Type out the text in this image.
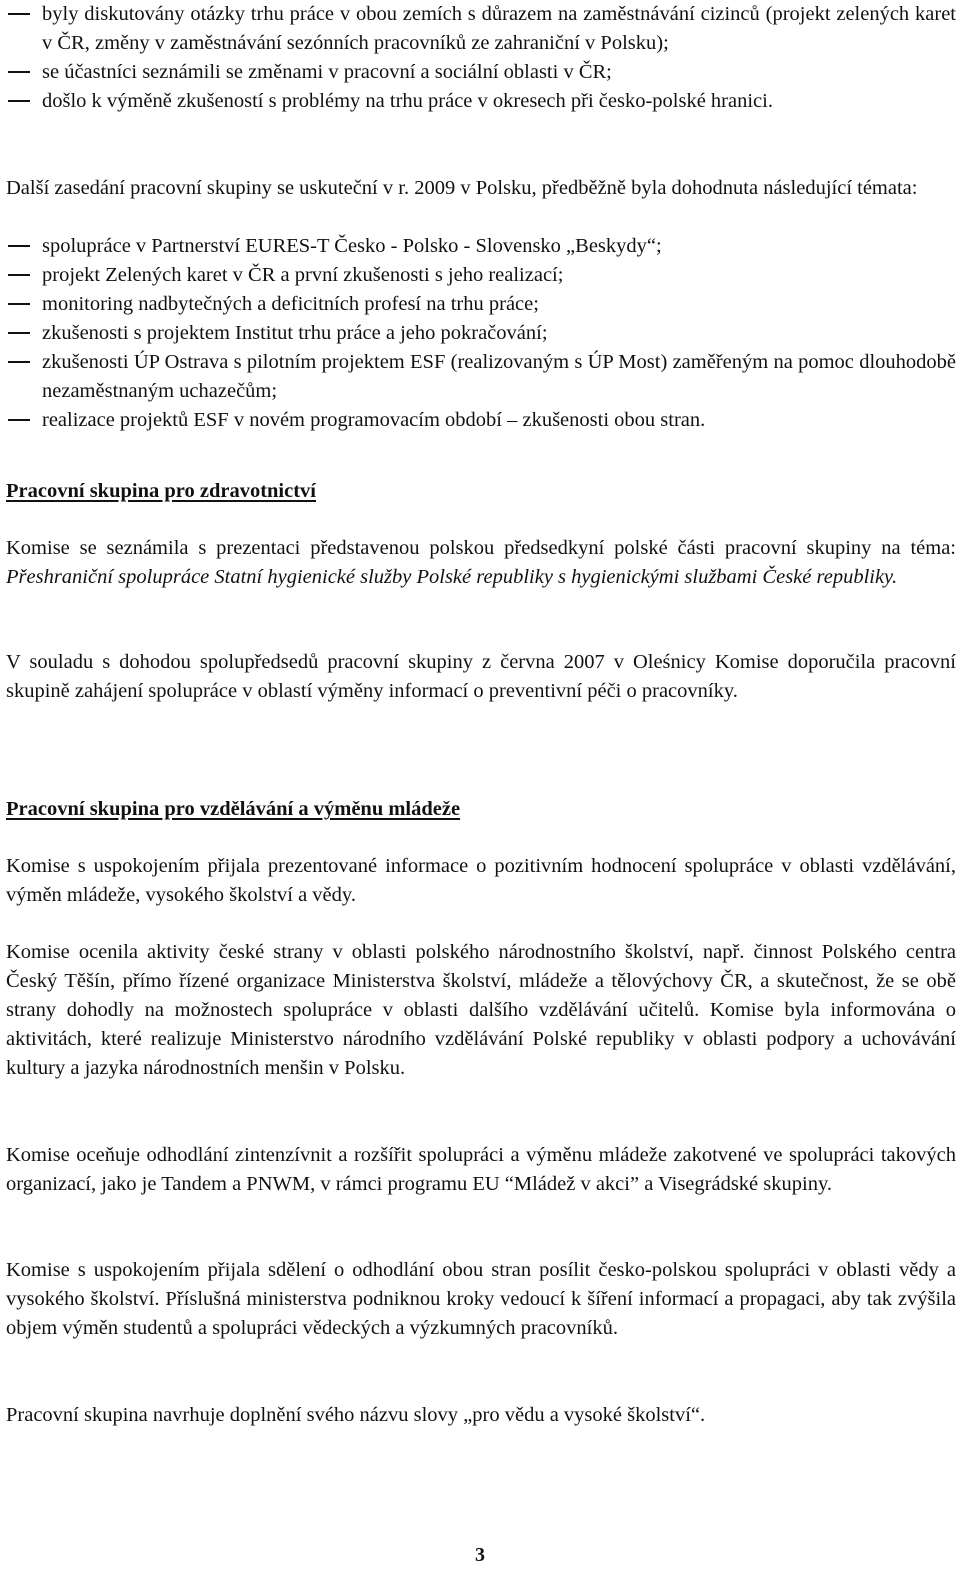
byly diskutovány otázky trhu práce v obou zemích s důrazem na zaměstnávání cizinců (projekt zelených karet v ČR, změny v zaměstnávání sezónních pracovníků ze zahraniční v Polsku);
se účastníci seznámili se změnami v pracovní a sociální oblasti v ČR;
došlo k výměně zkušeností s problémy na trhu práce v okresech při česko-polské hranici.
Další zasedání pracovní skupiny se uskuteční v r. 2009 v Polsku, předběžně byla dohodnuta následující témata:
spolupráce v Partnerství EURES-T Česko - Polsko - Slovensko „Beskydy“;
projekt Zelených karet v ČR a první zkušenosti s jeho realizací;
monitoring nadbytečných a deficitních profesí na trhu práce;
zkušenosti s projektem Institut trhu práce a jeho pokračování;
zkušenosti ÚP Ostrava s pilotním projektem ESF (realizovaným s ÚP Most) zaměřeným na pomoc dlouhodobě nezaměstnaným uchazečům;
realizace projektů ESF v novém programovacím období – zkušenosti obou stran.
Pracovní skupina pro zdravotnictví
Komise se seznámila s prezentaci představenou polskou předsedkyní polské části pracovní skupiny na téma: Přeshraniční spolupráce Statní hygienické služby Polské republiky s hygienickými službami České republiky.
V souladu s dohodou spolupředsedů pracovní skupiny z června 2007 v Oleśnicy Komise doporučila pracovní skupině zahájení spolupráce v oblastí výměny informací o preventivní péči o pracovníky.
Pracovní skupina pro vzdělávání a výměnu mládeže
Komise s uspokojením přijala prezentované informace o pozitivním hodnocení spolupráce v oblasti vzdělávání, výměn mládeže, vysokého školství a vědy.
Komise ocenila aktivity české strany v oblasti polského národnostního školství, např. činnost Polského centra Český Těšín, přímo řízené organizace Ministerstva školství, mládeže a tělovýchovy ČR, a skutečnost, že se obě strany dohodly na možnostech spolupráce v oblasti dalšího vzdělávání učitelů. Komise byla informována o aktivitách, které realizuje Ministerstvo národního vzdělávání Polské republiky v oblasti podpory a uchovávání kultury a jazyka národnostních menšin v Polsku.
Komise oceňuje odhodlání zintenzívnit a rozšířit spolupráci a výměnu mládeže zakotvené ve spolupráci takových organizací, jako je Tandem a PNWM, v rámci programu EU “Mládež v akci” a Visegrádské skupiny.
Komise s uspokojením přijala sdělení o odhodlání obou stran posílit česko-polskou spolupráci v oblasti vědy a vysokého školství. Příslušná ministerstva podniknou kroky vedoucí k šíření informací a propagaci, aby tak zvýšila objem výměn studentů a spolupráci vědeckých a výzkumných pracovníků.
Pracovní skupina navrhuje doplnění svého názvu slovy „pro vědu a vysoké školství“.
3
